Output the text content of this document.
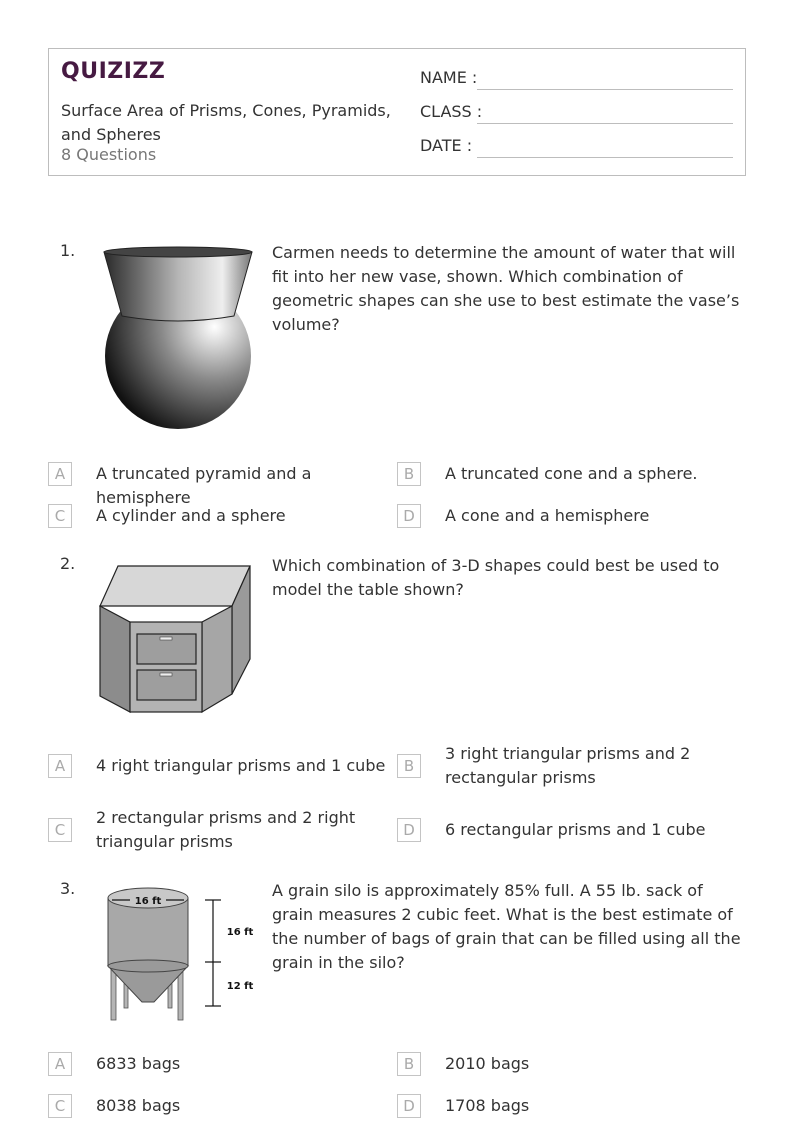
QUIZIZZ
Surface Area of Prisms, Cones, Pyramids, and Spheres
8 Questions
NAME :
CLASS :
DATE :
1.	Carmen needs to determine the amount of water that will fit into her new vase, shown. Which combination of geometric shapes can she use to best estimate the vase’s volume?
A	A truncated pyramid and a hemisphere
B	A truncated cone and a sphere.
C	A cylinder and a sphere	D	A cone and a hemisphere
2.	Which combination of 3-D shapes could best be used to model the table shown?
A	4 right triangular prisms and 1 cube	B
3 right triangular prisms and 2 rectangular prisms
C
2 rectangular prisms and 2 right triangular prisms
D	6 rectangular prisms and 1 cube
3.
16 ft
16 ft
12 ft
A grain silo is approximately 85% full. A 55 lb. sack of grain measures 2 cubic feet. What is the best estimate of the number of bags of grain that can be filled using all the grain in the silo?
A	6833 bags	B	2010 bags
C	8038 bags	D	1708 bags
